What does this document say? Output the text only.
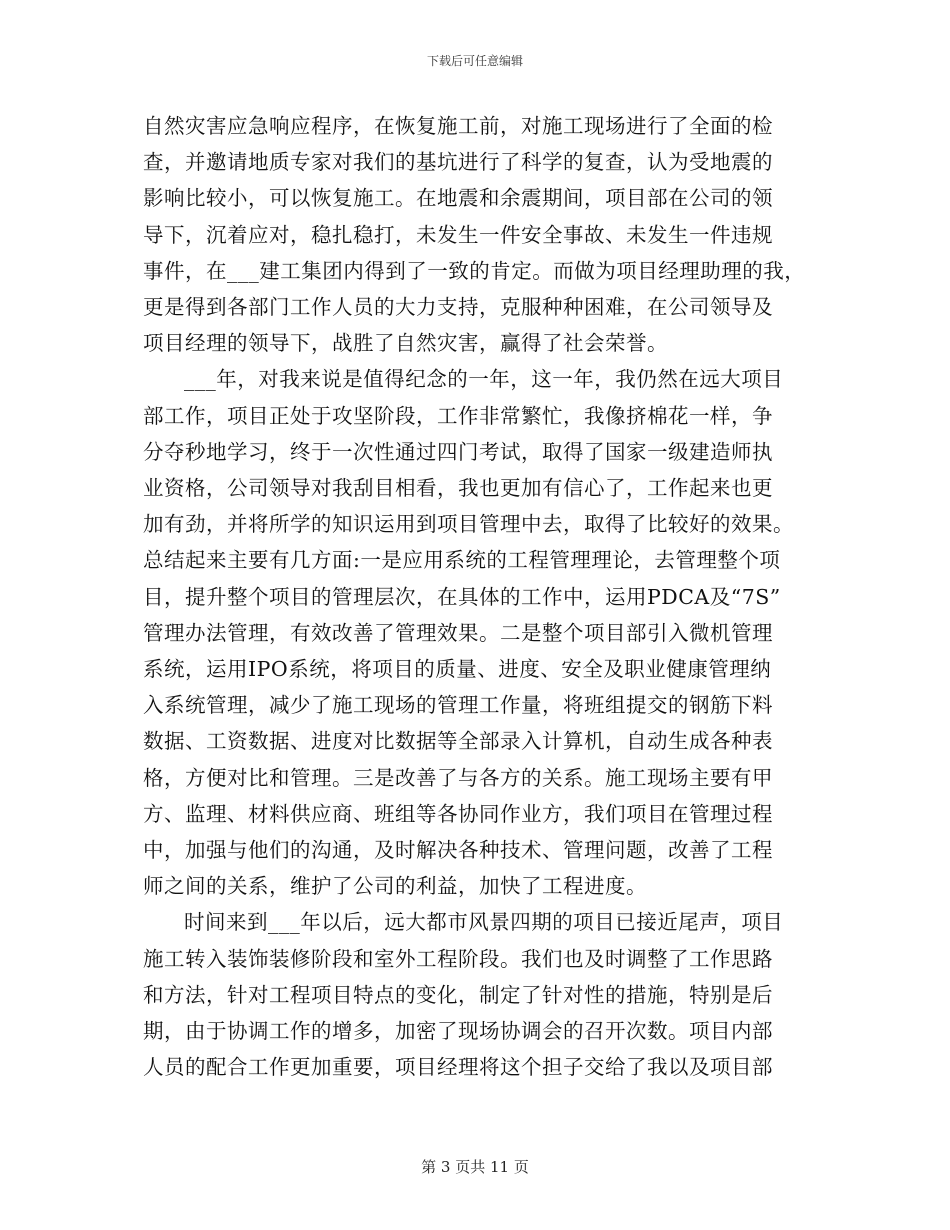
下载后可任意编辑
自然灾害应急响应程序，在恢复施工前，对施工现场进行了全面的检
查，并邀请地质专家对我们的基坑进行了科学的复查，认为受地震的
影响比较小，可以恢复施工。在地震和余震期间，项目部在公司的领
导下，沉着应对，稳扎稳打，未发生一件安全事故、未发生一件违规
事件，在___建工集团内得到了一致的肯定。而做为项目经理助理的我，
更是得到各部门工作人员的大力支持，克服种种困难，在公司领导及
项目经理的领导下，战胜了自然灾害，赢得了社会荣誉。
___年，对我来说是值得纪念的一年，这一年，我仍然在远大项目
部工作，项目正处于攻坚阶段，工作非常繁忙，我像挤棉花一样，争
分夺秒地学习，终于一次性通过四门考试，取得了国家一级建造师执
业资格，公司领导对我刮目相看，我也更加有信心了，工作起来也更
加有劲，并将所学的知识运用到项目管理中去，取得了比较好的效果。
总结起来主要有几方面:一是应用系统的工程管理理论，去管理整个项
目，提升整个项目的管理层次，在具体的工作中，运用PDCA及“7S”
管理办法管理，有效改善了管理效果。二是整个项目部引入微机管理
系统，运用IPO系统，将项目的质量、进度、安全及职业健康管理纳
入系统管理，减少了施工现场的管理工作量，将班组提交的钢筋下料
数据、工资数据、进度对比数据等全部录入计算机，自动生成各种表
格，方便对比和管理。三是改善了与各方的关系。施工现场主要有甲
方、监理、材料供应商、班组等各协同作业方，我们项目在管理过程
中，加强与他们的沟通，及时解决各种技术、管理问题，改善了工程
师之间的关系，维护了公司的利益，加快了工程进度。
时间来到___年以后，远大都市风景四期的项目已接近尾声，项目
施工转入装饰装修阶段和室外工程阶段。我们也及时调整了工作思路
和方法，针对工程项目特点的变化，制定了针对性的措施，特别是后
期，由于协调工作的增多，加密了现场协调会的召开次数。项目内部
人员的配合工作更加重要，项目经理将这个担子交给了我以及项目部
第 3 页共 11 页
